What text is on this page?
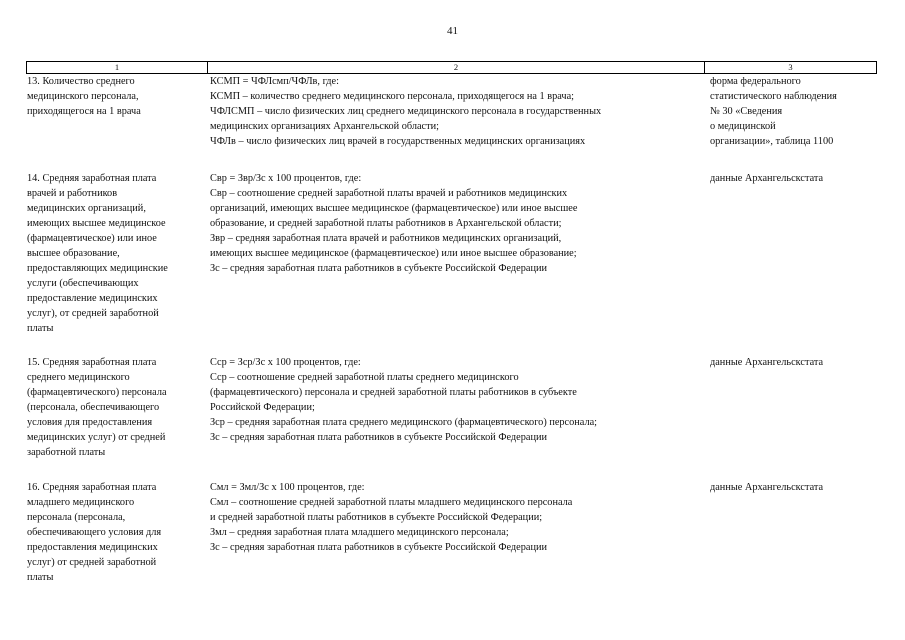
41
1	2	3
13. Количество среднего
медицинского персонала,
приходящегося на 1 врача
КСМП = ЧФЛсмп/ЧФЛв, где:
КСМП – количество среднего медицинского персонала, приходящегося на 1 врача;
ЧФЛСМП – число физических лиц среднего медицинского персонала в государственных
медицинских организациях Архангельской области;
ЧФЛв – число физических лиц врачей в государственных медицинских организациях
форма федерального
статистического наблюдения
№ 30 «Сведения
о медицинской
организации», таблица 1100
14. Средняя заработная плата
врачей и работников
медицинских организаций,
имеющих высшее медицинское
(фармацевтическое) или иное
высшее образование,
предоставляющих медицинские
услуги (обеспечивающих
предоставление медицинских
услуг), от средней заработной
платы
Свр = Звр/Зс х 100 процентов, где:
Свр – соотношение средней заработной платы врачей и работников медицинских
организаций, имеющих высшее медицинское (фармацевтическое) или иное высшее
образование, и средней заработной платы работников в Архангельской области;
Звр – средняя заработная плата врачей и работников медицинских организаций,
имеющих высшее медицинское (фармацевтическое) или иное высшее образование;
Зс – средняя заработная плата работников в субъекте Российской Федерации
данные Архангельскстата
15. Средняя заработная плата
среднего медицинского
(фармацевтического) персонала
(персонала, обеспечивающего
условия для предоставления
медицинских услуг) от средней
заработной платы
Сср = Зср/Зс х 100 процентов, где:
Сср – соотношение средней заработной платы среднего медицинского
(фармацевтического) персонала и средней заработной платы работников в субъекте
Российской Федерации;
Зср – средняя заработная плата среднего медицинского (фармацевтического) персонала;
Зс – средняя заработная плата работников в субъекте Российской Федерации
данные Архангельскстата
16. Средняя заработная плата
младшего медицинского
персонала (персонала,
обеспечивающего условия для
предоставления медицинских
услуг) от средней заработной
платы
Смл = Змл/Зс х 100 процентов, где:
Смл – соотношение средней заработной платы младшего медицинского персонала
и средней заработной платы работников в субъекте Российской Федерации;
Змл – средняя заработная плата младшего медицинского персонала;
Зс – средняя заработная плата работников в субъекте Российской Федерации
данные Архангельскстата
